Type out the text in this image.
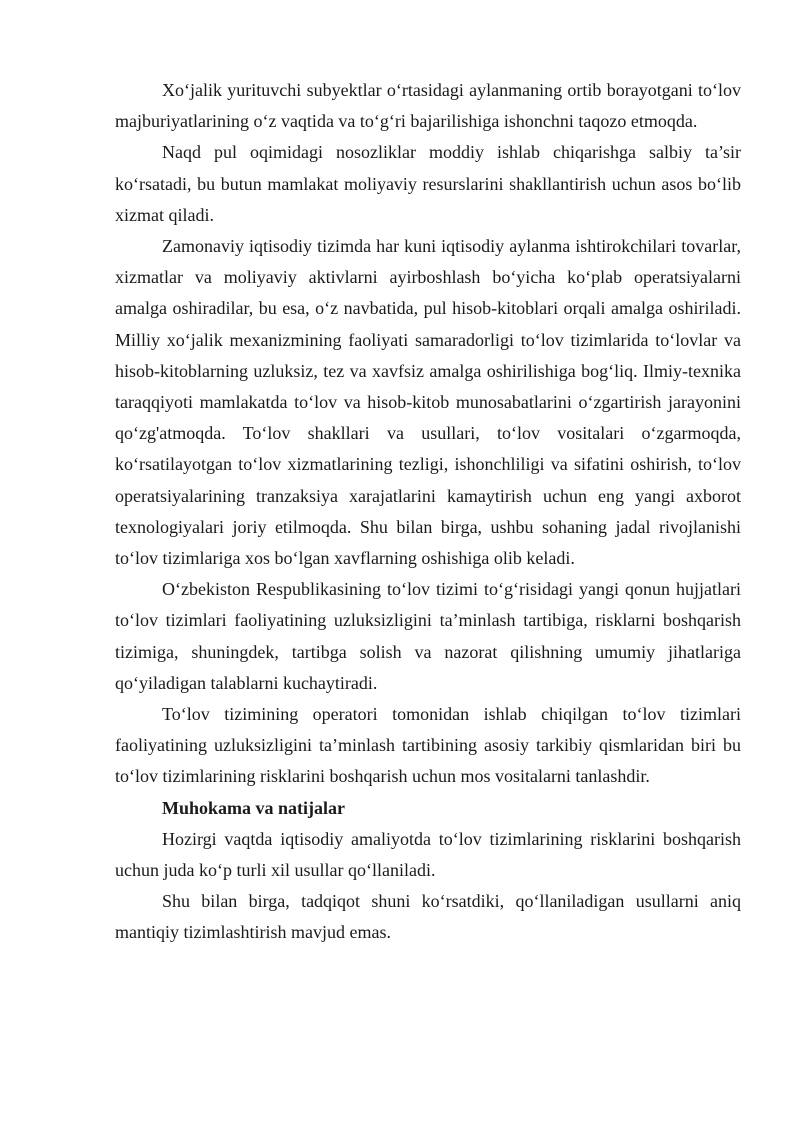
Xo‘jalik yurituvchi subyektlar o‘rtasidagi aylanmaning ortib borayotgani to‘lov majburiyatlarining o‘z vaqtida va to‘g‘ri bajarilishiga ishonchni taqozo etmoqda.

Naqd pul oqimidagi nosozliklar moddiy ishlab chiqarishga salbiy ta’sir ko‘rsatadi, bu butun mamlakat moliyaviy resurslarini shakllantirish uchun asos bo‘lib xizmat qiladi.

Zamonaviy iqtisodiy tizimda har kuni iqtisodiy aylanma ishtirokchilari tovarlar, xizmatlar va moliyaviy aktivlarni ayirboshlash bo‘yicha ko‘plab operatsiyalarni amalga oshiradilar, bu esa, o‘z navbatida, pul hisob-kitoblari orqali amalga oshiriladi. Milliy xo‘jalik mexanizmining faoliyati samaradorligi to‘lov tizimlarida to‘lovlar va hisob-kitoblarning uzluksiz, tez va xavfsiz amalga oshirilishiga bog‘liq. Ilmiy-texnika taraqqiyoti mamlakatda to‘lov va hisob-kitob munosabatlarini o‘zgartirish jarayonini qo‘zg'atmoqda. To‘lov shakllari va usullari, to‘lov vositalari o‘zgarmoqda, ko‘rsatilayotgan to‘lov xizmatlarining tezligi, ishonchliligi va sifatini oshirish, to‘lov operatsiyalarining tranzaksiya xarajatlarini kamaytirish uchun eng yangi axborot texnologiyalari joriy etilmoqda. Shu bilan birga, ushbu sohaning jadal rivojlanishi to‘lov tizimlariga xos bo‘lgan xavflarning oshishiga olib keladi.

O‘zbekiston Respublikasining to‘lov tizimi to‘g‘risidagi yangi qonun hujjatlari to‘lov tizimlari faoliyatining uzluksizligini ta’minlash tartibiga, risklarni boshqarish tizimiga, shuningdek, tartibga solish va nazorat qilishning umumiy jihatlariga qo‘yiladigan talablarni kuchaytiradi.

To‘lov tizimining operatori tomonidan ishlab chiqilgan to‘lov tizimlari faoliyatining uzluksizligini ta’minlash tartibining asosiy tarkibiy qismlaridan biri bu to‘lov tizimlarining risklarini boshqarish uchun mos vositalarni tanlashdir.

Muhokama va natijalar

Hozirgi vaqtda iqtisodiy amaliyotda to‘lov tizimlarining risklarini boshqarish uchun juda ko‘p turli xil usullar qo‘llaniladi.

Shu bilan birga, tadqiqot shuni ko‘rsatdiki, qo‘llaniladigan usullarni aniq mantiqiy tizimlashtirish mavjud emas.
